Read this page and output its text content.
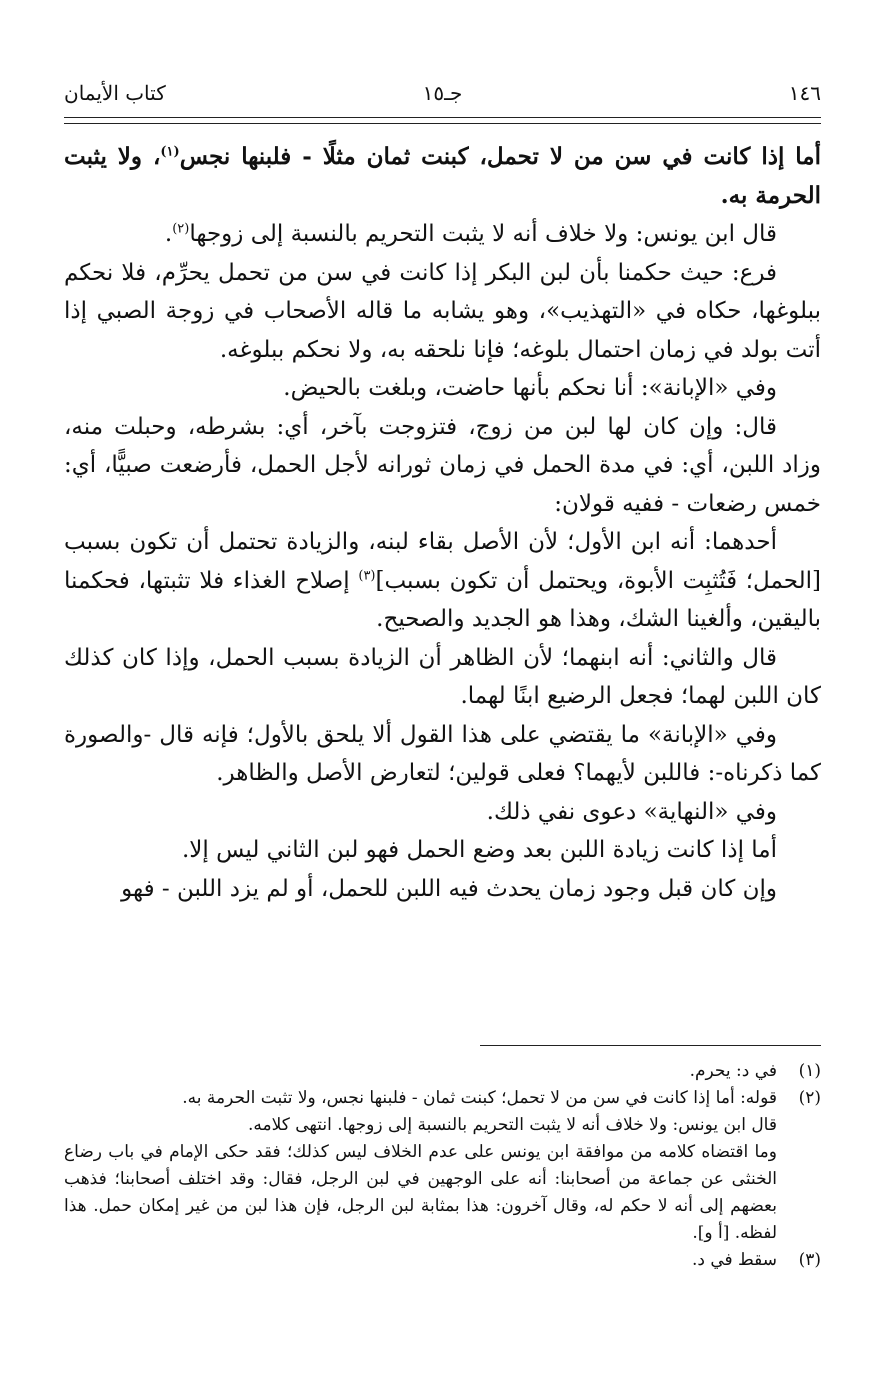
١٤٦
جـ١٥
كتاب الأيمان

أما إذا كانت في سن من لا تحمل، كبنت ثمان مثلًا - فلبنها نجس$^{(١)}$، ولا يثبت الحرمة به.

قال ابن يونس: ولا خلاف أنه لا يثبت التحريم بالنسبة إلى زوجها$^{(٢)}$.

فرع: حيث حكمنا بأن لبن البكر إذا كانت في سن من تحمل يحرِّم، فلا نحكم ببلوغها، حكاه في «التهذيب»، وهو يشابه ما قاله الأصحاب في زوجة الصبي إذا أتت بولد في زمان احتمال بلوغه؛ فإنا نلحقه به، ولا نحكم ببلوغه.

وفي «الإبانة»: أنا نحكم بأنها حاضت، وبلغت بالحيض.

قال: وإن كان لها لبن من زوج، فتزوجت بآخر، أي: بشرطه، وحبلت منه، وزاد اللبن، أي: في مدة الحمل في زمان ثورانه لأجل الحمل، فأرضعت صبيًّا، أي: خمس رضعات - ففيه قولان:

أحدهما: أنه ابن الأول؛ لأن الأصل بقاء لبنه، والزيادة تحتمل أن تكون بسبب [الحمل؛ فَتُثبِت الأبوة، ويحتمل أن تكون بسبب]$^{(٣)}$ إصلاح الغذاء فلا تثبتها، فحكمنا باليقين، وألغينا الشك، وهذا هو الجديد والصحيح.

قال والثاني: أنه ابنهما؛ لأن الظاهر أن الزيادة بسبب الحمل، وإذا كان كذلك كان اللبن لهما؛ فجعل الرضيع ابنًا لهما.

وفي «الإبانة» ما يقتضي على هذا القول ألا يلحق بالأول؛ فإنه قال -والصورة كما ذكرناه-: فاللبن لأيهما؟ فعلى قولين؛ لتعارض الأصل والظاهر.

وفي «النهاية» دعوى نفي ذلك.

أما إذا كانت زيادة اللبن بعد وضع الحمل فهو لبن الثاني ليس إلا.

وإن كان قبل وجود زمان يحدث فيه اللبن للحمل، أو لم يزد اللبن - فهو

(١)
في د: يحرم.
(٢)
قوله: أما إذا كانت في سن من لا تحمل؛ كبنت ثمان - فلبنها نجس، ولا تثبت الحرمة به.
قال ابن يونس: ولا خلاف أنه لا يثبت التحريم بالنسبة إلى زوجها. انتهى كلامه.
وما اقتضاه كلامه من موافقة ابن يونس على عدم الخلاف ليس كذلك؛ فقد حكى الإمام في باب رضاع الخنثى عن جماعة من أصحابنا: أنه على الوجهين في لبن الرجل، فقال: وقد اختلف أصحابنا؛ فذهب بعضهم إلى أنه لا حكم له، وقال آخرون: هذا بمثابة لبن الرجل، فإن هذا لبن من غير إمكان حمل. هذا لفظه. [أ و].
(٣)
سقط في د.
